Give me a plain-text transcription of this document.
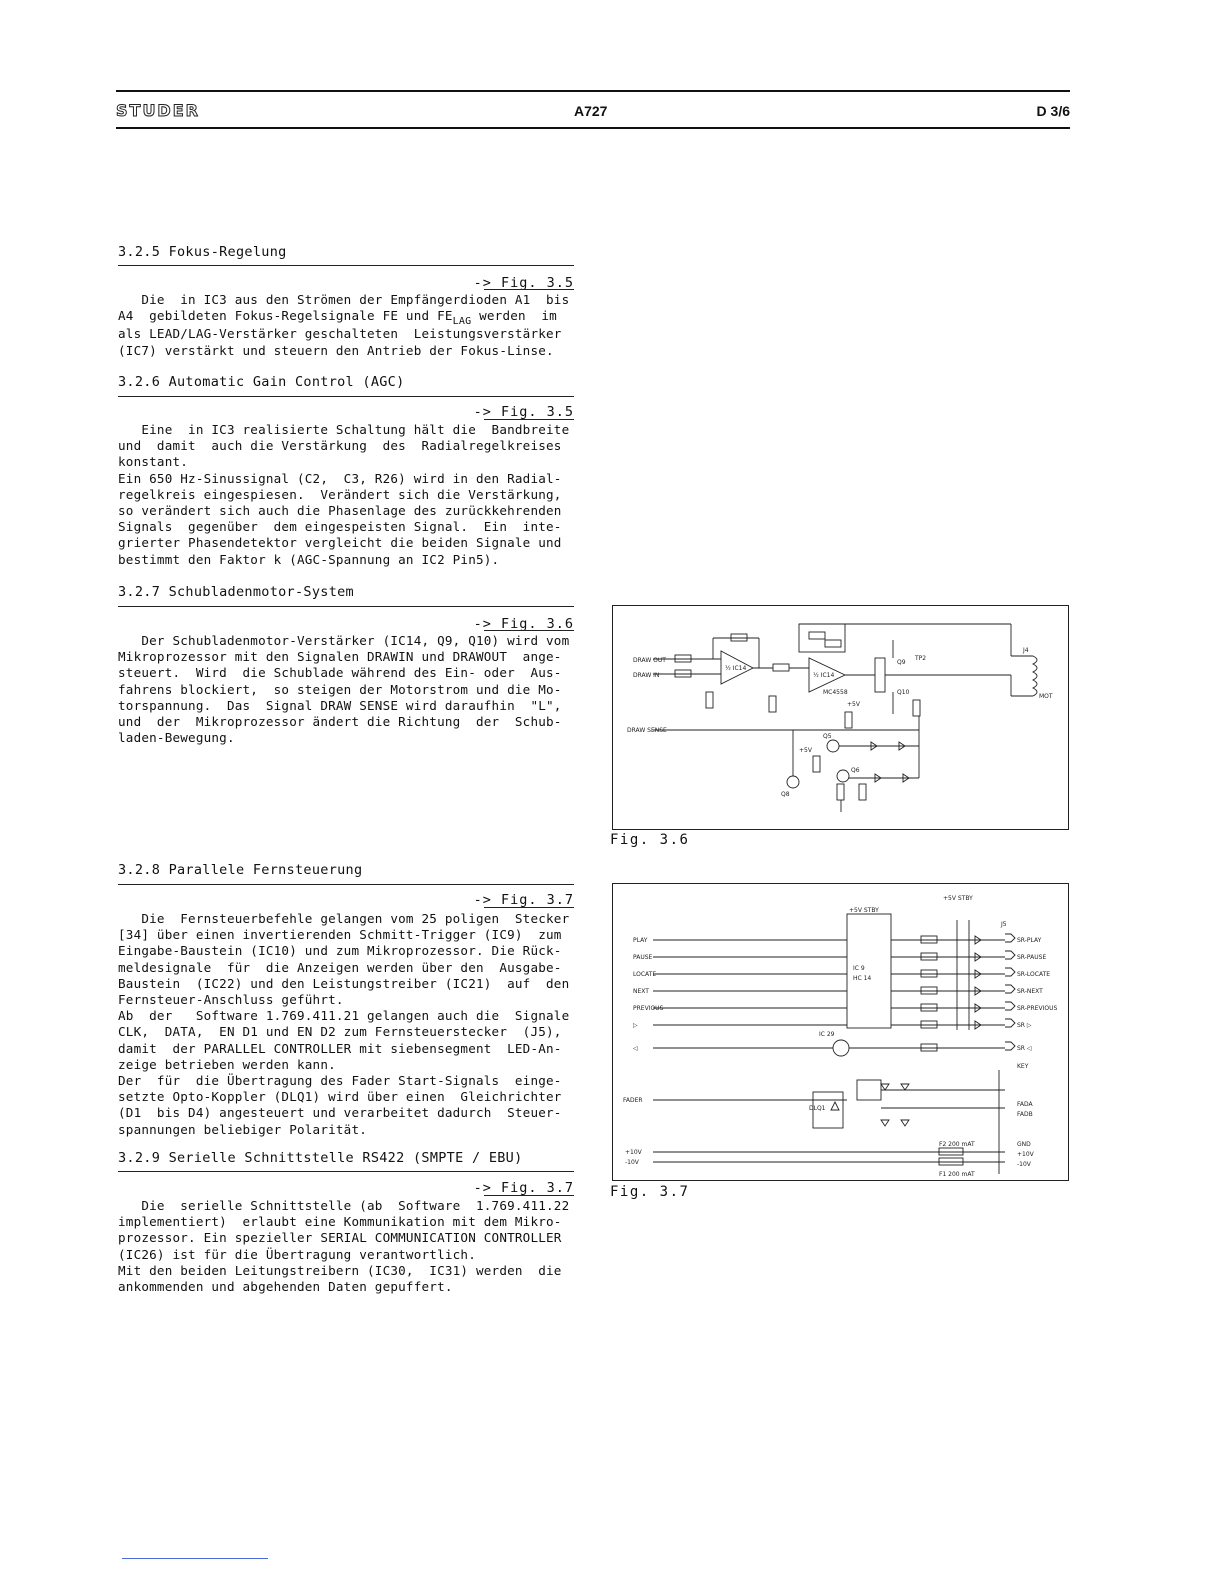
STUDER	A727	D 3/6
3.2.5 Fokus-Regelung
-> Fig. 3.5
Die  in IC3 aus den Strömen der Empfängerdioden A1  bis
A4  gebildeten Fokus-Regelsignale FE und $FE_{LAG}$ werden  im
als LEAD/LAG-Verstärker geschalteten  Leistungsverstärker
(IC7) verstärkt und steuern den Antrieb der Fokus-Linse.
3.2.6 Automatic Gain Control (AGC)
-> Fig. 3.5
Eine  in IC3 realisierte Schaltung hält die  Bandbreite
und  damit  auch die Verstärkung  des  Radialregelkreises
konstant.
Ein 650 Hz-Sinussignal (C2,  C3, R26) wird in den Radial-
regelkreis eingespiesen.  Verändert sich die Verstärkung,
so verändert sich auch die Phasenlage des zurückkehrenden
Signals  gegenüber  dem eingespeisten Signal.  Ein  inte-
grierter Phasendetektor vergleicht die beiden Signale und
bestimmt den Faktor k (AGC-Spannung an IC2 Pin5).
3.2.7 Schubladenmotor-System
-> Fig. 3.6
Der Schubladenmotor-Verstärker (IC14, Q9, Q10) wird vom
Mikroprozessor mit den Signalen DRAWIN und DRAWOUT  ange-
steuert.  Wird  die Schublade während des Ein- oder  Aus-
fahrens blockiert,  so steigen der Motorstrom und die Mo-
torspannung.  Das  Signal DRAW SENSE wird daraufhin  "L",
und  der  Mikroprozessor ändert die Richtung  der  Schub-
laden-Bewegung.
3.2.8 Parallele Fernsteuerung
-> Fig. 3.7
Die  Fernsteuerbefehle gelangen vom 25 poligen  Stecker
[34] über einen invertierenden Schmitt-Trigger (IC9)  zum
Eingabe-Baustein (IC10) und zum Mikroprozessor. Die Rück-
meldesignale  für  die Anzeigen werden über den  Ausgabe-
Baustein  (IC22) und den Leistungstreiber (IC21)  auf  den
Fernsteuer-Anschluss geführt.
Ab  der   Software 1.769.411.21 gelangen auch die  Signale
CLK,  DATA,  EN D1 und EN D2 zum Fernsteuerstecker  (J5),
damit  der PARALLEL CONTROLLER mit siebensegment  LED-An-
zeige betrieben werden kann.
Der  für  die Übertragung des Fader Start-Signals  einge-
setzte Opto-Koppler (DLQ1) wird über einen  Gleichrichter
(D1  bis D4) angesteuert und verarbeitet dadurch  Steuer-
spannungen beliebiger Polarität.
3.2.9 Serielle Schnittstelle RS422 (SMPTE / EBU)
-> Fig. 3.7
Die  serielle Schnittstelle (ab  Software  1.769.411.22
implementiert)  erlaubt eine Kommunikation mit dem Mikro-
prozessor. Ein spezieller SERIAL COMMUNICATION CONTROLLER
(IC26) ist für die Übertragung verantwortlich.
Mit den beiden Leitungstreibern (IC30,  IC31) werden  die
ankommenden und abgehenden Daten gepuffert.
DRAW OUT
DRAW IN
DRAW SENSE
½ IC14
½ IC14
MC4558
Q9
Q10
TP2
J4
+5V
+5V
Q5
Q6
Q8
MOT
Fig. 3.6
PLAY
PAUSE
LOCATE
NEXT
PREVIOUS
▷
◁
FADER
+10V
-10V
SR-PLAY
SR-PAUSE
SR-LOCATE
SR-NEXT
SR-PREVIOUS
SR ▷
SR ◁
KEY
FADA
FADB
GND
+10V
-10V
IC 9
HC 14
J5
DLQ1
+5V STBY
+5V STBY
IC 29
F2 200 mAT
F1 200 mAT
Fig. 3.7
